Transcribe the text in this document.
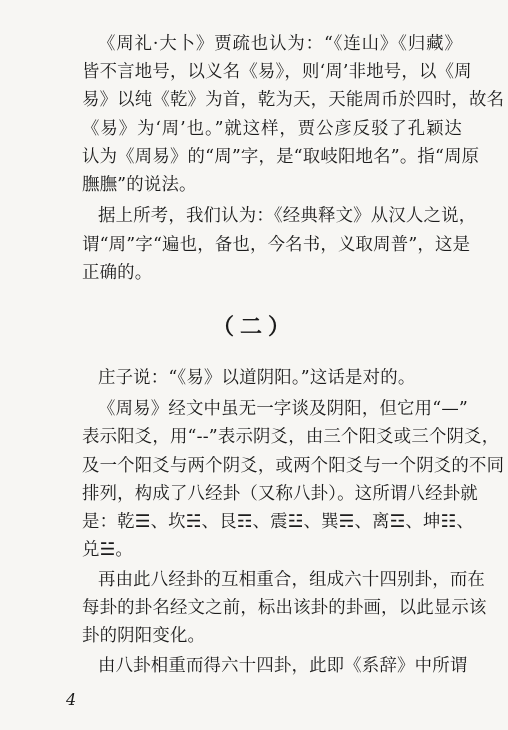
《周礼·大卜》贾疏也认为：“《连山》《归藏》
皆不言地号，以义名《易》，则‘周’非地号，以《周
易》以纯《乾》为首，乾为天，天能周币於四时，故名
《易》为‘周’也。”就这样，贾公彦反驳了孔颖达
认为《周易》的“周”字，是“取岐阳地名”。指“周原
膴膴”的说法。
据上所考，我们认为：《经典释文》从汉人之说，
谓“周”字“遍也，备也，今名书，义取周普”，这是
正确的。
（二）
庄子说：“《易》以道阴阳。”这话是对的。
《周易》经文中虽无一字谈及阴阳，但它用“—”
表示阳爻，用“--”表示阴爻，由三个阳爻或三个阴爻，
及一个阳爻与两个阴爻，或两个阳爻与一个阴爻的不同
排列，构成了八经卦（又称八卦）。这所谓八经卦就
是：乾☰、坎☵、艮☶、震☳、巽☴、离☲、坤☷、
兑☱。
再由此八经卦的互相重合，组成六十四别卦，而在
每卦的卦名经文之前，标出该卦的卦画，以此显示该
卦的阴阳变化。
由八卦相重而得六十四卦，此即《系辞》中所谓
4
